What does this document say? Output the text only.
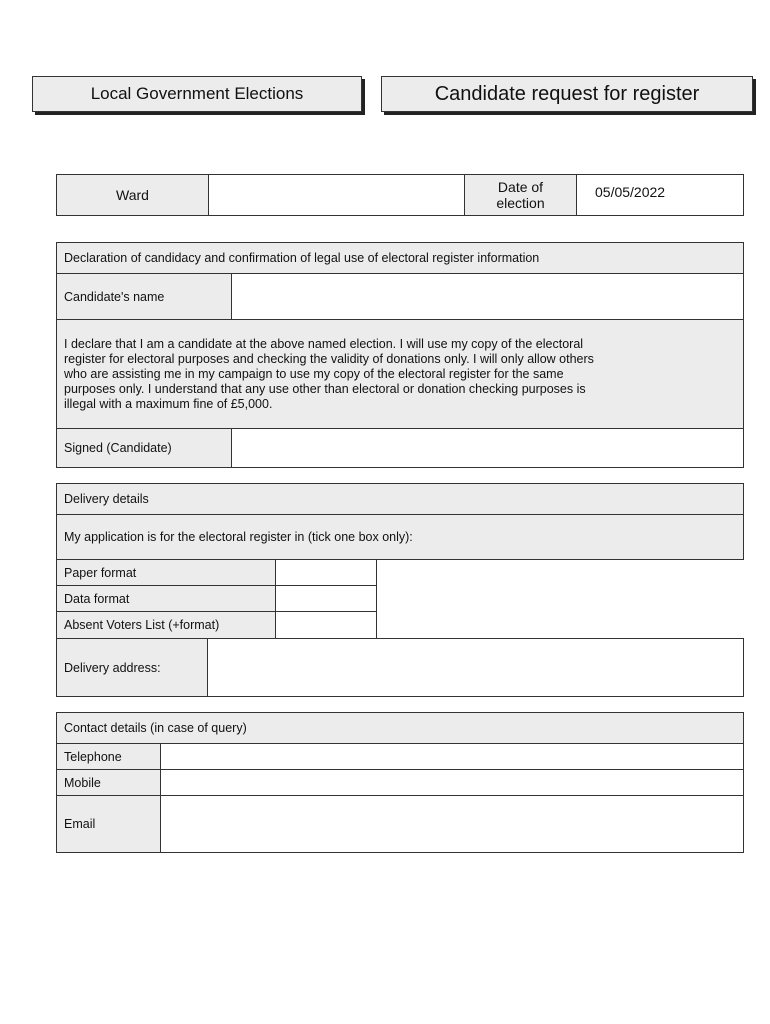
Local Government Elections	Candidate request for register
Ward	Date of
election
05/05/2022
Declaration of candidacy and confirmation of legal use of electoral register information
Candidate's name
I declare that I am a candidate at the above named election. I will use my copy of the electoral
register for electoral purposes and checking the validity of donations only. I will only allow others
who are assisting me in my campaign to use my copy of the electoral register for the same
purposes only. I understand that any use other than electoral or donation checking purposes is
illegal with a maximum fine of £5,000.
Signed (Candidate)
Delivery details
My application is for the electoral register in (tick one box only):
Paper format
Data format
Absent Voters List (+format)
Delivery address:
Contact details (in case of query)
Telephone
Mobile
Email
